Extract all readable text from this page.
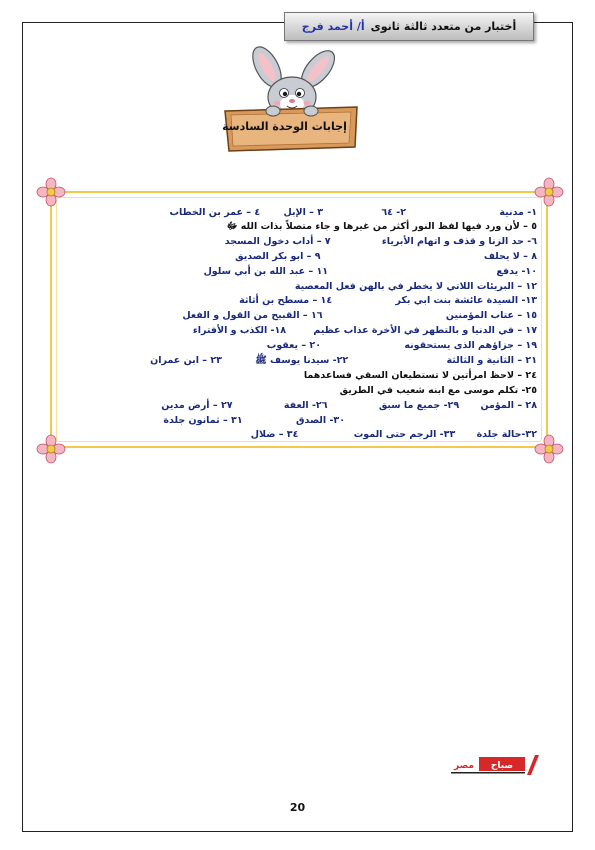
أختبار من متعدد ثالثة ثانوى
أ/ أحمد فرج
إجابات الوحدة السادسة
١- مدنية ٢- ٦٤ ٣ – الإبل ٤ – عمر بن الخطاب
٥ – لأن ورد فيها لفظ النور أكثر من غيرها و جاء متصلاً بذات الله ﷻ
٦- حد الزنا و قذف و اتهام الأبرياء ٧ – أداب دخول المسجد
٨ – لا يحلف ٩ – ابو بكر الصديق
١٠- يدفع ١١ – عبد الله بن أبي سلول
١٢ – البريئات اللاتي لا يخطر في بالهن فعل المعصية
١٣- السيدة عائشة بنت ابي بكر ١٤ – مسطح بن أثاثة
١٥ – عتاب المؤمنين ١٦ – القبيح من القول و الفعل
١٧ – في الدنيا و بالتطهر في الأخرة عذاب عظيم ١٨- الكذب و الأفتراء
١٩ – جزاؤهم الذى يستحقونه ٢٠ – يعقوب
٢١ – الثانية و الثالثة ٢٢- سيدنا يوسف ﷺ ٢٣ – ابن عمران
٢٤ – لاحظ امرأتين لا تستطيعان السقي فساعدهما
٢٥- تكلم موسى مع ابنه شعيب في الطريق
٢٨ – المؤمن ٢٩- جميع ما سبق ٢٦- العفة ٢٧ – أرض مدين
٣٠- الصدق ٣١ – ثمانون جلدة
٣٢-حالة جلدة ٣٣- الرجم حتى الموت ٣٤ – ضلال
صباح
مصر
20
